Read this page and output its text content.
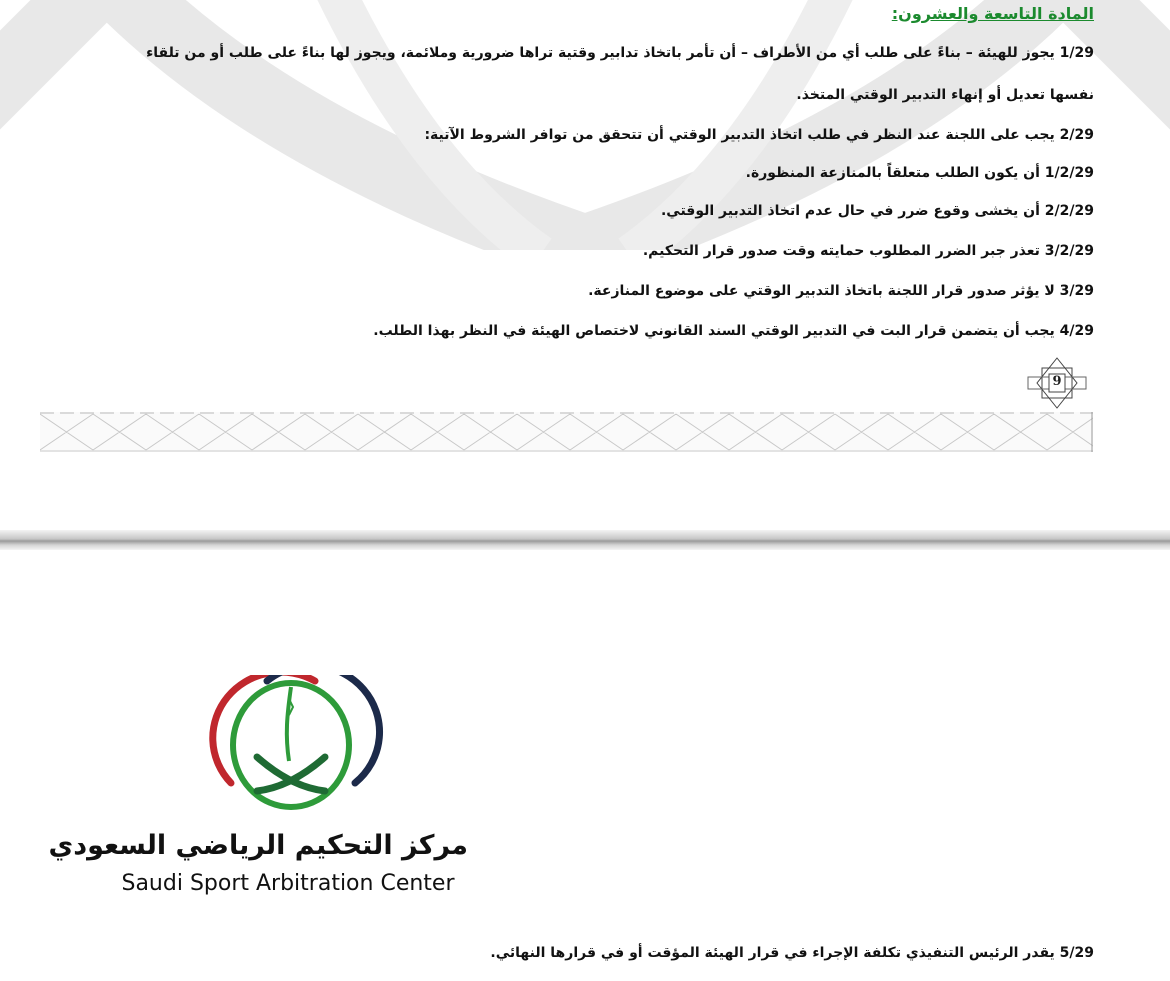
المادة التاسعة والعشرون:
1/29 يجوز للهيئة – بناءً على طلب أي من الأطراف – أن تأمر باتخاذ تدابير وقتية تراها ضرورية وملائمة، ويجوز لها بناءً على طلب أو من تلقاء
نفسها تعديل أو إنهاء التدبير الوقتي المتخذ.
2/29 يجب على اللجنة عند النظر في طلب اتخاذ التدبير الوقتي أن تتحقق من توافر الشروط الآتية:
1/2/29 أن يكون الطلب متعلقاً بالمنازعة المنظورة.
2/2/29 أن يخشى وقوع ضرر في حال عدم اتخاذ التدبير الوقتي.
3/2/29 تعذر جبر الضرر المطلوب حمايته وقت صدور قرار التحكيم.
3/29 لا يؤثر صدور قرار اللجنة باتخاذ التدبير الوقتي على موضوع المنازعة.
4/29 يجب أن يتضمن قرار البت في التدبير الوقتي السند القانوني لاختصاص الهيئة في النظر بهذا الطلب.
9
مركز التحكيم الرياضي السعودي
Saudi Sport Arbitration Center
5/29 يقدر الرئيس التنفيذي تكلفة الإجراء في قرار الهيئة المؤقت أو في قرارها النهائي.
